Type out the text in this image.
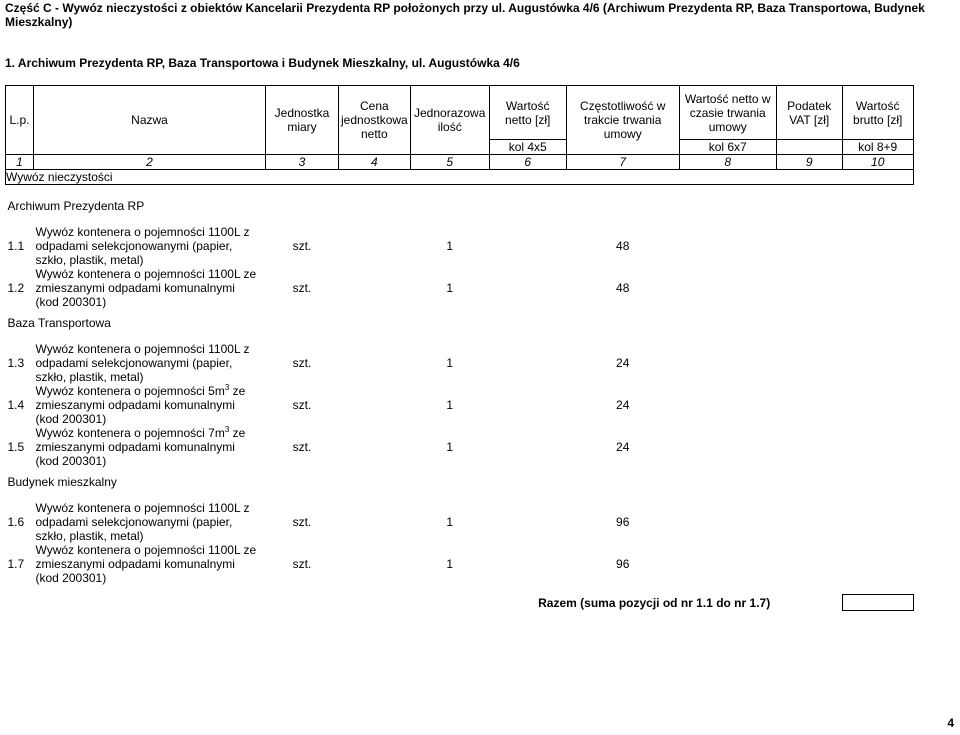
Część C - Wywóz nieczystości z obiektów Kancelarii Prezydenta RP położonych przy ul. Augustówka 4/6 (Archiwum Prezydenta RP, Baza Transportowa, Budynek Mieszkalny)
1. Archiwum Prezydenta RP, Baza Transportowa i Budynek Mieszkalny, ul. Augustówka 4/6
L.p.	Nazwa	Jednostka miary	Cena jednostkowa netto	Jednorazowa ilość	Wartość netto [zł]	Częstotliwość w trakcie trwania umowy	Wartość netto w czasie trwania umowy	Podatek VAT [zł]	Wartość brutto [zł]
					kol 4x5		kol 6x7		kol 8+9
1	2	3	4	5	6	7	8	9	10
Wywóz nieczystości									

Archiwum Prezydenta RP									

1.1	Wywóz kontenera o pojemności 1100L z
odpadami selekcjonowanymi (papier,
szkło, plastik, metal)	szt.		1		48			
1.2	Wywóz kontenera o pojemności 1100L ze
zmieszanymi odpadami komunalnymi
(kod 200301)	szt.		1		48			

Baza Transportowa									

1.3	Wywóz kontenera o pojemności 1100L z
odpadami selekcjonowanymi (papier,
szkło, plastik, metal)	szt.		1		24			
1.4	Wywóz kontenera o pojemności $5m^3$ ze
zmieszanymi odpadami komunalnymi
(kod 200301)	szt.		1		24			
1.5	Wywóz kontenera o pojemności $7m^3$ ze
zmieszanymi odpadami komunalnymi
(kod 200301)	szt.		1		24			

Budynek mieszkalny									

1.6	Wywóz kontenera o pojemności 1100L z
odpadami selekcjonowanymi (papier,
szkło, plastik, metal)	szt.		1		96			
1.7	Wywóz kontenera o pojemności 1100L ze
zmieszanymi odpadami komunalnymi
(kod 200301)	szt.		1		96			

					Razem (suma pozycji od nr 1.1 do nr 1.7)				
4
